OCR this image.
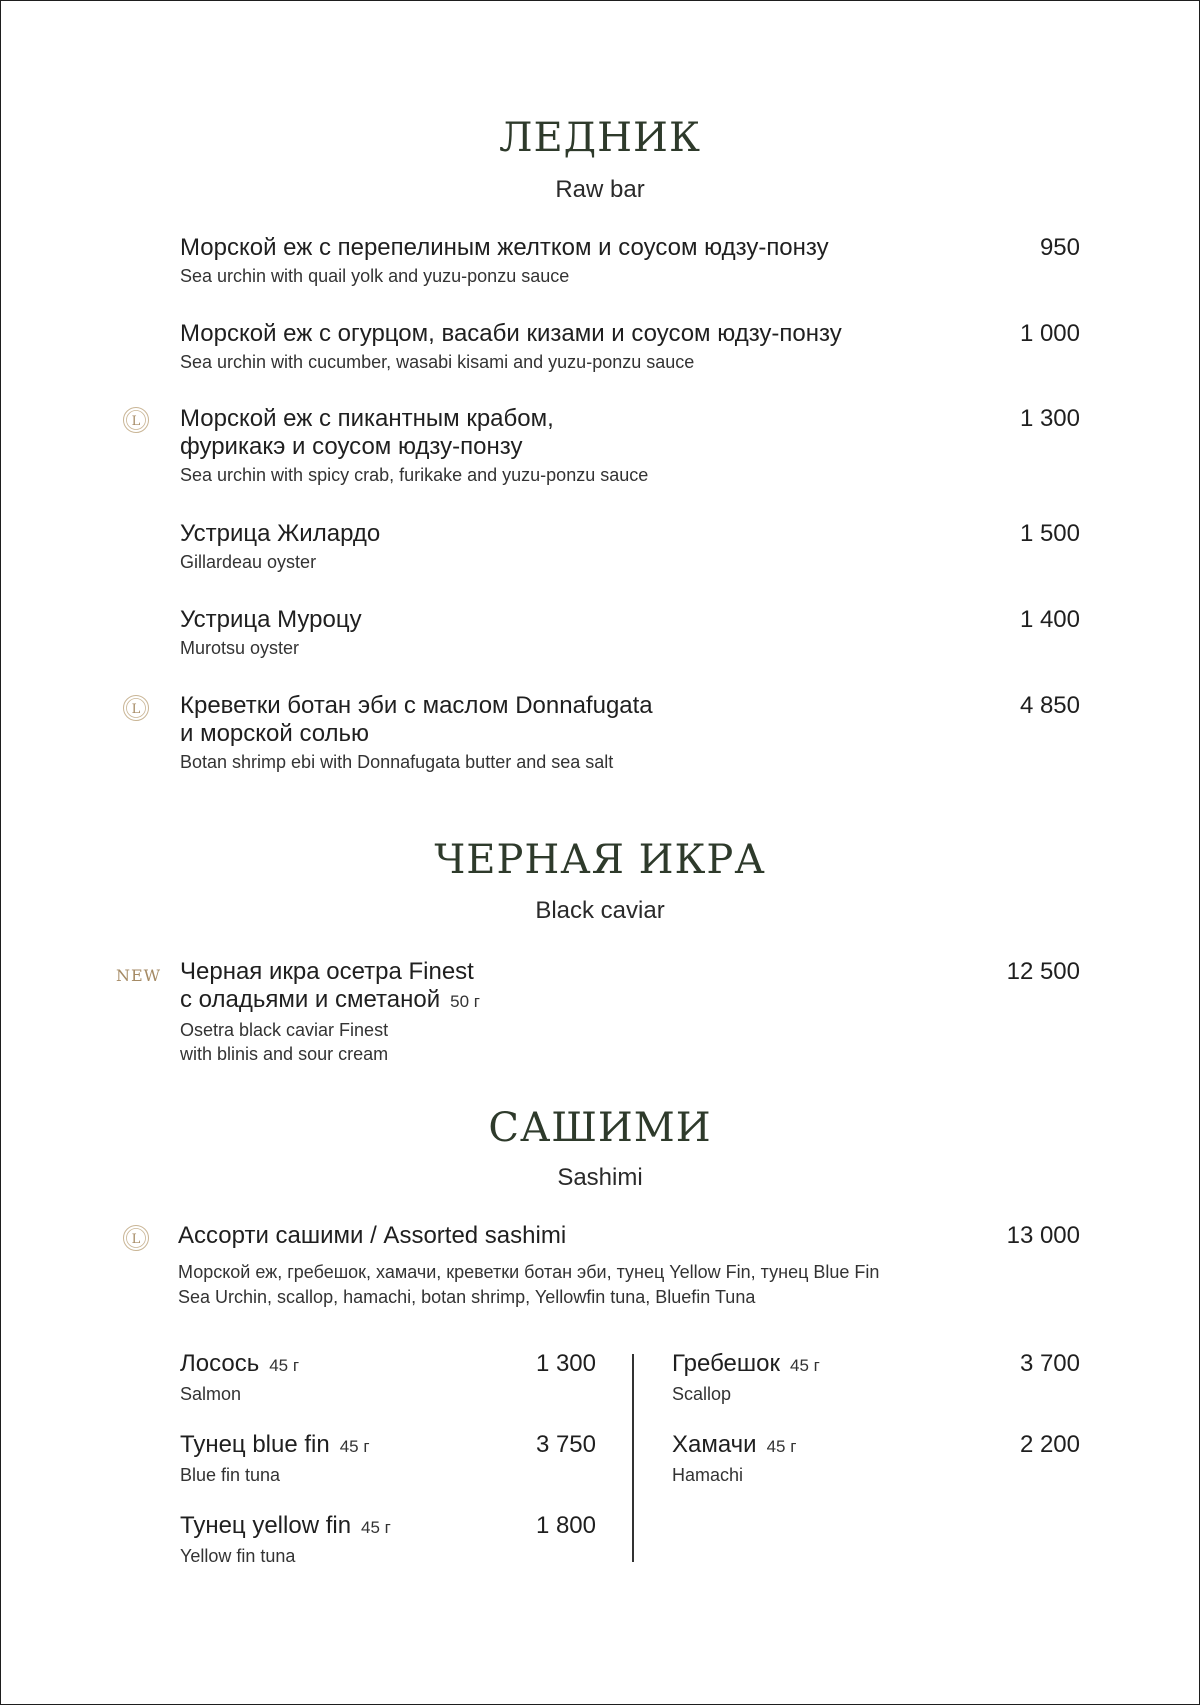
ЛЕДНИК
Raw bar
Морской еж с перепелиным желтком и соусом юдзу-понзу
Sea urchin with quail yolk and yuzu-ponzu sauce
950
Морской еж с огурцом, васаби кизами и соусом юдзу-понзу
Sea urchin with cucumber, wasabi kisami and yuzu-ponzu sauce
1 000
L Морской еж с пикантным крабом,
фурикакэ и соусом юдзу-понзу
Sea urchin with spicy crab, furikake and yuzu-ponzu sauce
1 300
Устрица Жилардо
Gillardeau oyster
1 500
Устрица Муроцу
Murotsu oyster
1 400
L Креветки ботан эби с маслом Donnafugata
и морской солью
Botan shrimp ebi with Donnafugata butter and sea salt
4 850
ЧЕРНАЯ ИКРА
Black caviar
NEW Черная икра осетра Finest
с оладьями и сметаной 50 г
Osetra black caviar Finest
with blinis and sour cream
12 500
САШИМИ
Sashimi
L Ассорти сашими / Assorted sashimi	13 000
Морской еж, гребешок, хамачи, креветки ботан эби, тунец Yellow Fin, тунец Blue Fin
Sea Urchin, scallop, hamachi, botan shrimp, Yellowfin tuna, Bluefin Tuna
Лосось 45 г
Salmon
1 300
Тунец blue fin 45 г
Blue fin tuna
3 750
Тунец yellow fin 45 г
Yellow fin tuna
1 800
Гребешок 45 г
Scallop
3 700
Хамачи 45 г
Hamachi
2 200
